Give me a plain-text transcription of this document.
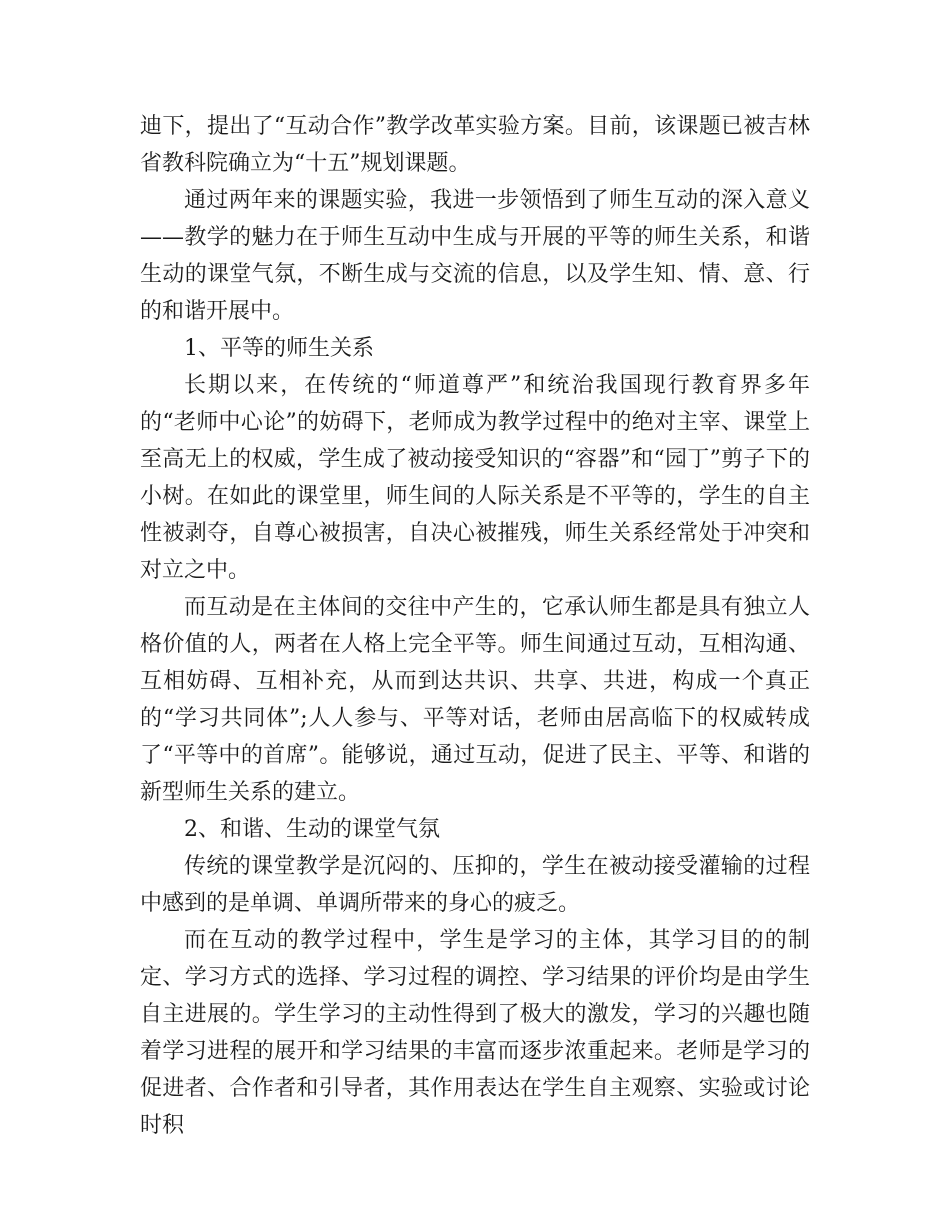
迪下，提出了“互动合作”教学改革实验方案。目前，该课题已被吉林省教科院确立为“十五”规划课题。

通过两年来的课题实验，我进一步领悟到了师生互动的深入意义——教学的魅力在于师生互动中生成与开展的平等的师生关系，和谐生动的课堂气氛，不断生成与交流的信息，以及学生知、情、意、行的和谐开展中。

1、平等的师生关系

长期以来，在传统的“师道尊严”和统治我国现行教育界多年的“老师中心论”的妨碍下，老师成为教学过程中的绝对主宰、课堂上至高无上的权威，学生成了被动接受知识的“容器”和“园丁”剪子下的小树。在如此的课堂里，师生间的人际关系是不平等的，学生的自主性被剥夺，自尊心被损害，自决心被摧残，师生关系经常处于冲突和对立之中。

而互动是在主体间的交往中产生的，它承认师生都是具有独立人格价值的人，两者在人格上完全平等。师生间通过互动，互相沟通、互相妨碍、互相补充，从而到达共识、共享、共进，构成一个真正的“学习共同体”;人人参与、平等对话，老师由居高临下的权威转成了“平等中的首席”。能够说，通过互动，促进了民主、平等、和谐的新型师生关系的建立。

2、和谐、生动的课堂气氛

传统的课堂教学是沉闷的、压抑的，学生在被动接受灌输的过程中感到的是单调、单调所带来的身心的疲乏。

而在互动的教学过程中，学生是学习的主体，其学习目的的制定、学习方式的选择、学习过程的调控、学习结果的评价均是由学生自主进展的。学生学习的主动性得到了极大的激发，学习的兴趣也随着学习进程的展开和学习结果的丰富而逐步浓重起来。老师是学习的促进者、合作者和引导者，其作用表达在学生自主观察、实验或讨论时积
